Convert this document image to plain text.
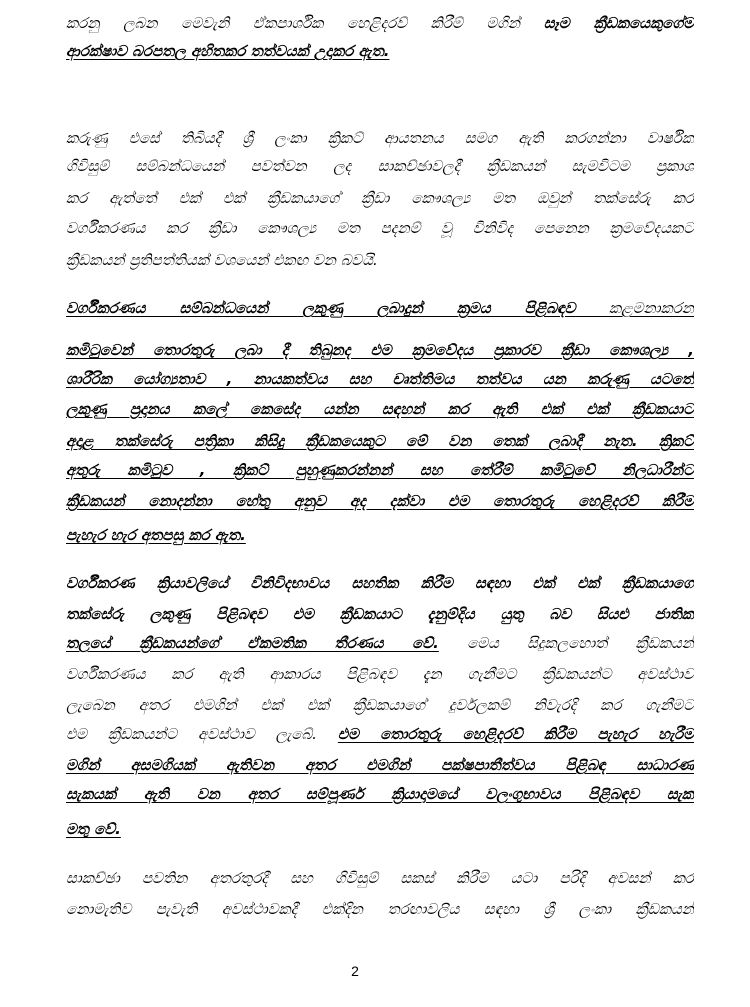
කරනු ලබන මෙවැනි ඒකපාර්ශික හෙළිදරව් කිරීම් මගින් සෑම ක්‍රීඩකයෙකුගේම
ආරක්ෂාව බරපතල අහිතකර තත්වයක් උදාකර ඇත.
කරුණු එසේ තිබියදී ශ්‍රී ලංකා ක්‍රිකට් ආයතනය සමග ඇති කරගන්නා වාර්ෂික
ගිවිසුම් සම්බන්ධයෙන් පවත්වන ලද සාකච්ඡාවලදී ක්‍රීඩකයන් සැමවිටම ප්‍රකාශ
කර ඇත්තේ එක් එක් ක්‍රීඩකයාගේ ක්‍රීඩා කෞශල්‍ය මත ඔවුන් තක්සේරු කර
වර්ගීකරණය කර ක්‍රීඩා කෞශල්‍ය මත පදනම් වූ විනිවිද පෙනෙන ක්‍රමවේදයකට
ක්‍රීඩකයන් ප්‍රතිපත්තියක් වශයෙන් එකඟ වන බවයි.
වර්ගීකරණය සම්බන්ධයෙන් ලකුණු ලබාදුන් ක්‍රමය පිළිබඳව කළමනාකරන
කමිටුවෙන් තොරතුරු ලබා දී තිබුනද එම ක්‍රමවේදය ප්‍රකාරව ක්‍රීඩා කෞශල්‍ය ,
ශාරීරික යෝග්‍යතාව , නායකත්වය සහ චෘත්තිමය තත්වය යන කරුණු යටතේ
ලකුණු ප්‍රදානය කලේ කෙසේද යන්න සඳහන් කර ඇති එක් එක් ක්‍රීඩකයාට
අදාළ තක්සේරු පත්‍රිකා කිසිදු ක්‍රීඩකයෙකුට මේ වන තෙක් ලබාදී නැත. ක්‍රිකට්
අතුරු කමිටුව , ක්‍රිකට් පුහුණුකරන්නන් සහ තේරීම් කමිටුවේ නිලධාරීන්ට
ක්‍රීඩකයන් නොදන්නා හේතු අනුව අද දක්වා එම තොරතුරු හෙළිදරව් කිරීම
පැහැර හැර අතපසු කර ඇත.
වර්ගීකරණ ක්‍රියාවලියේ විනිවිදභාවය සහතික කිරීම සඳහා එක් එක් ක්‍රීඩකයාගේ
තක්සේරු ලකුණු පිළිබඳව එම ක්‍රීඩකයාට දැනුම්දිය යුතු බව සියළු ජාතික
තලයේ ක්‍රීඩකයන්ගේ ඒකමතික තීරණය වේ. මෙය සිදුකලහොත් ක්‍රීඩකයන්
වර්ගීකරණය කර ඇති ආකාරය පිළිබඳව දැන ගැනීමට ක්‍රීඩකයන්ට අවස්ථාව
ලැබෙන අතර එමගින් එක් එක් ක්‍රීඩකයාගේ දුර්වලකම් නිවැරදි කර ගැනීමට
එම ක්‍රීඩකයන්ට අවස්ථාව ලැබේ. එම තොරතුරු හෙළිදරව් කිරීම පැහැර හැරීම
මගින් අසමගියක් ඇතිවන අතර එමගින් පක්ෂපාතීත්වය පිළිබඳ සාධාරණ
සැකයක් ඇති වන අතර සම්පූර්ණ ක්‍රියාදාමයේ වලංගුභාවය පිළිබඳව සැක
මතු වේ.
සාකච්ඡා පවතින අතරතුරදී සහ ගිවිසුම් සකස් කිරීම යටා පරිදි අවසන් කර
නොමැතිව පැවැති අවස්ථාවකදී එක්දින තරඟාවලිය සඳහා ශ්‍රී ලංකා ක්‍රීඩකයන්
2
